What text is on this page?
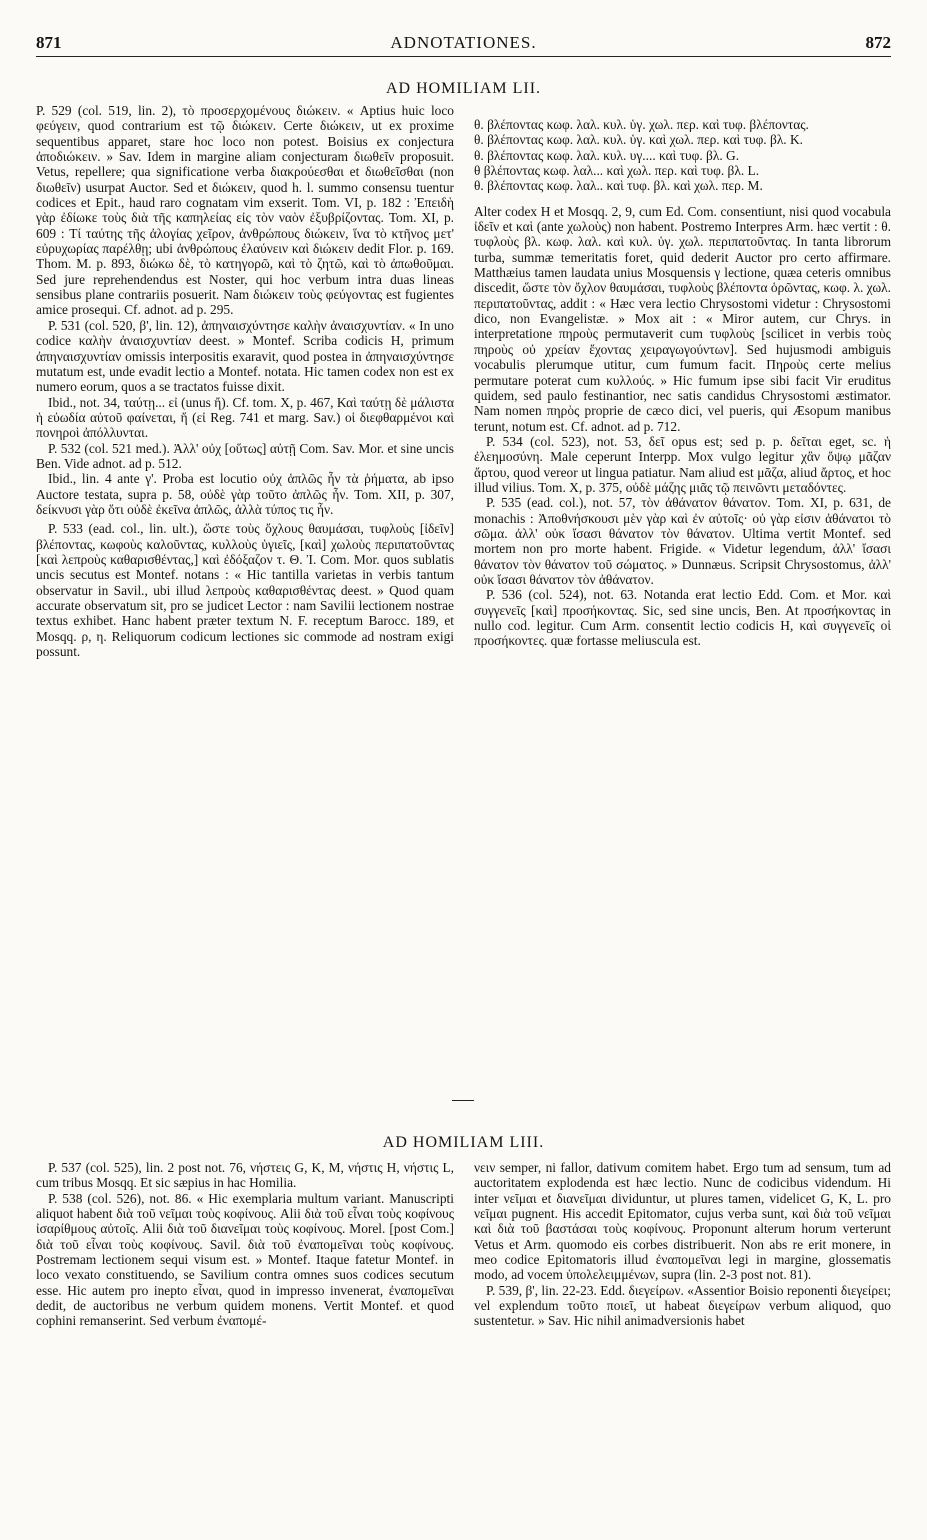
871	ADNOTATIONES.	872
AD HOMILIAM LII.

P. 529 (col. 519, lin. 2), τὸ προσερχομένους διώκειν. « Aptius huic loco φεύγειν, quod contrarium est τῷ διώκειν. Certe διώκειν, ut ex proxime sequentibus apparet, stare hoc loco non potest. Boisius ex conjectura ἀποδιώκειν. » Sav. Idem in margine aliam conjecturam διωθεῖν proposuit. Vetus, repellere; qua significatione verba διακρούεσθαι et διωθεῖσθαι (non διωθεῖν) usurpat Auctor. Sed et διώκειν, quod h. l. summo consensu tuentur codices et Epit., haud raro cognatam vim exserit. Tom. VI, p. 182 : Ἐπειδὴ γὰρ ἐδίωκε τοὺς διὰ τῆς καπηλείας εἰς τὸν ναὸν ἐξυβρίζοντας. Tom. XI, p. 609 : Τί ταύτης τῆς ἀλογίας χεῖρον, ἀνθρώπους διώκειν, ἵνα τὸ κτῆνος μετ' εὐρυχωρίας παρέλθῃ; ubi ἀνθρώπους ἐλαύνειν καὶ διώκειν dedit Flor. p. 169. Thom. M. p. 893, διώκω δὲ, τὸ κατηγορῶ, καὶ τὸ ζητῶ, καὶ τὸ ἀπωθοῦμαι. Sed jure reprehendendus est Noster, qui hoc verbum intra duas lineas sensibus plane contrariis posuerit. Nam διώκειν τοὺς φεύγοντας est fugientes amice prosequi. Cf. adnot. ad p. 295.

P. 531 (col. 520, β', lin. 12), ἀπηναισχύντησε καλὴν ἀναισχυντίαν. « In uno codice καλὴν ἀναισχυντίαν deest. » Montef. Scriba codicis H, primum ἀπηναισχυντίαν omissis interpositis exaravit, quod postea in ἀπηναισχύντησε mutatum est, unde evadit lectio a Montef. notata. Hic tamen codex non est ex numero eorum, quos a se tractatos fuisse dixit.

Ibid., not. 34, ταύτῃ... εἰ (unus ἤ). Cf. tom. X, p. 467, Καὶ ταύτῃ δὲ μάλιστα ἡ εὐωδία αὐτοῦ φαίνεται, ἤ (εἰ Reg. 741 et marg. Sav.) οἱ διεφθαρμένοι καὶ πονηροὶ ἀπόλλυνται.

P. 532 (col. 521 med.). Ἀλλ' οὐχ [οὕτως] αὐτῇ Com. Sav. Mor. et sine uncis Ben. Vide adnot. ad p. 512.

Ibid., lin. 4 ante γ'. Proba est locutio οὐχ ἁπλῶς ἦν τὰ ῥήματα, ab ipso Auctore testata, supra p. 58, οὐδὲ γὰρ τοῦτο ἁπλῶς ἦν. Tom. XII, p. 307, δείκνυσι γὰρ ὅτι οὐδὲ ἐκεῖνα ἁπλῶς, ἀλλὰ τύπος τις ἦν.

P. 533 (ead. col., lin. ult.), ὥστε τοὺς ὄχλους θαυμάσαι, τυφλοὺς [ἰδεῖν] βλέποντας, κωφοὺς καλοῦντας, κυλλοὺς ὑγιεῖς, [καὶ] χωλοὺς περιπατοῦντας [καὶ λεπροὺς καθαρισθέντας,] καὶ ἐδόξαζον τ. Θ. Ἰ. Com. Mor. quos sublatis uncis secutus est Montef. notans : « Hic tantilla varietas in verbis tantum observatur in Savil., ubi illud λεπροὺς καθαρισθέντας deest. » Quod quam accurate observatum sit, pro se judicet Lector : nam Savilii lectionem nostrae textus exhibet. Hanc habent præter textum N. F. receptum Barocc. 189, et Mosqq. ρ, η. Reliquorum codicum lectiones sic commode ad nostram exigi possunt.

θ. βλέποντας κωφ. λαλ. κυλ. ὑγ. χωλ. περ. καὶ τυφ. βλέποντας.

θ. βλέποντας κωφ. λαλ. κυλ. ὑγ. καὶ χωλ. περ. καὶ τυφ. βλ. K.

θ. βλέποντας κωφ. λαλ. κυλ. υγ.... καὶ τυφ. βλ. G.

θ βλέποντας κωφ. λαλ... καὶ χωλ. περ. καὶ τυφ. βλ. L.

θ. βλέποντας κωφ. λαλ.. καὶ τυφ. βλ. καὶ χωλ. περ. M.

Alter codex H et Mosqq. 2, 9, cum Ed. Com. consentiunt, nisi quod vocabula ἰδεῖν et καὶ (ante χωλοὺς) non habent. Postremo Interpres Arm. hæc vertit : θ. τυφλοὺς βλ. κωφ. λαλ. καὶ κυλ. ὑγ. χωλ. περιπατοῦντας. In tanta librorum turba, summæ temeritatis foret, quid dederit Auctor pro certo affirmare. Matthæius tamen laudata unius Mosquensis γ lectione, quæa ceteris omnibus discedit, ὥστε τὸν ὄχλον θαυμάσαι, τυφλοὺς βλέποντα ὁρῶντας, κωφ. λ. χωλ. περιπατοῦντας, addit : « Hæc vera lectio Chrysostomi videtur : Chrysostomi dico, non Evangelistæ. » Mox ait : « Miror autem, cur Chrys. in interpretatione πηροὺς permutaverit cum τυφλοὺς [scilicet in verbis τοὺς πηροὺς οὐ χρείαν ἔχοντας χειραγωγούντων]. Sed hujusmodi ambiguis vocabulis plerumque utitur, cum fumum facit. Πηροὺς certe melius permutare poterat cum κυλλούς. » Hic fumum ipse sibi facit Vir eruditus quidem, sed paulo festinantior, nec satis candidus Chrysostomi æstimator. Nam nomen πηρὸς proprie de cæco dici, vel pueris, qui Æsopum manibus terunt, notum est. Cf. adnot. ad p. 712.

P. 534 (col. 523), not. 53, δεῖ opus est; sed p. p. δεῖται eget, sc. ἡ ἐλεημοσύνη. Male ceperunt Interpp. Mox vulgo legitur χἂν ὄψῳ μᾶζαν ἄρτου, quod vereor ut lingua patiatur. Nam aliud est μᾶζα, aliud ἄρτος, et hoc illud vilius. Tom. X, p. 375, οὐδὲ μάζης μιᾶς τῷ πεινῶντι μεταδόντες.

P. 535 (ead. col.), not. 57, τὸν ἀθάνατον θάνατον. Tom. XI, p. 631, de monachis : Ἀποθνήσκουσι μὲν γὰρ καὶ ἐν αὐτοῖς· οὐ γὰρ εἰσιν ἀθάνατοι τὸ σῶμα. ἀλλ' οὐκ ἴσασι θάνατον τὸν θάνατον. Ultima vertit Montef. sed mortem non pro morte habent. Frigide. « Videtur legendum, ἀλλ' ἴσασι θάνατον τὸν θάνατον τοῦ σώματος. » Dunnæus. Scripsit Chrysostomus, ἀλλ' οὐκ ἴσασι θάνατον τὸν ἀθάνατον.

P. 536 (col. 524), not. 63. Notanda erat lectio Edd. Com. et Mor. καὶ συγγενεῖς [καὶ] προσήκοντας. Sic, sed sine uncis, Ben. At προσήκοντας in nullo cod. legitur. Cum Arm. consentit lectio codicis H, καὶ συγγενεῖς οἱ προσήκοντες. quæ fortasse meliuscula est.

AD HOMILIAM LIII.

P. 537 (col. 525), lin. 2 post not. 76, νήστεις G, K, M, νήστις H, νήστις L, cum tribus Mosqq. Et sic sæpius in hac Homilia.

P. 538 (col. 526), not. 86. « Hic exemplaria multum variant. Manuscripti aliquot habent διὰ τοῦ νεῖμαι τοὺς κοφίνους. Alii διὰ τοῦ εἶναι τοὺς κοφίνους ἰσαρίθμους αὐτοῖς. Alii διὰ τοῦ διανεῖμαι τοὺς κοφίνους. Morel. [post Com.] διὰ τοῦ εἶναι τοὺς κοφίνους. Savil. διὰ τοῦ ἐναπομεῖναι τοὺς κοφίνους. Postremam lectionem sequi visum est. » Montef. Itaque fatetur Montef. in loco vexato constituendo, se Savilium contra omnes suos codices secutum esse. Hic autem pro inepto εἶναι, quod in impresso invenerat, ἐναπομεῖναι dedit, de auctoribus ne verbum quidem monens. Vertit Montef. et quod cophini remanserint. Sed verbum ἐναπομέ-

νειν semper, ni fallor, dativum comitem habet. Ergo tum ad sensum, tum ad auctoritatem explodenda est hæc lectio. Nunc de codicibus videndum. Hi inter νεῖμαι et διανεῖμαι dividuntur, ut plures tamen, videlicet G, K, L. pro νεῖμαι pugnent. His accedit Epitomator, cujus verba sunt, καὶ διὰ τοῦ νεῖμαι καὶ διὰ τοῦ βαστάσαι τοὺς κοφίνους. Proponunt alterum horum verterunt Vetus et Arm. quomodo eis corbes distribuerit. Non abs re erit monere, in meo codice Epitomatoris illud ἐναπομεῖναι legi in margine, glossematis modo, ad vocem ὑπολελειμμένων, supra (lin. 2-3 post not. 81).

P. 539, β', lin. 22-23. Edd. διεγείρων. «Assentior Boisio reponenti διεγείρει; vel explendum τοῦτο ποιεῖ, ut habeat διεγείρων verbum aliquod, quo sustentetur. » Sav. Hic nihil animadversionis habet
